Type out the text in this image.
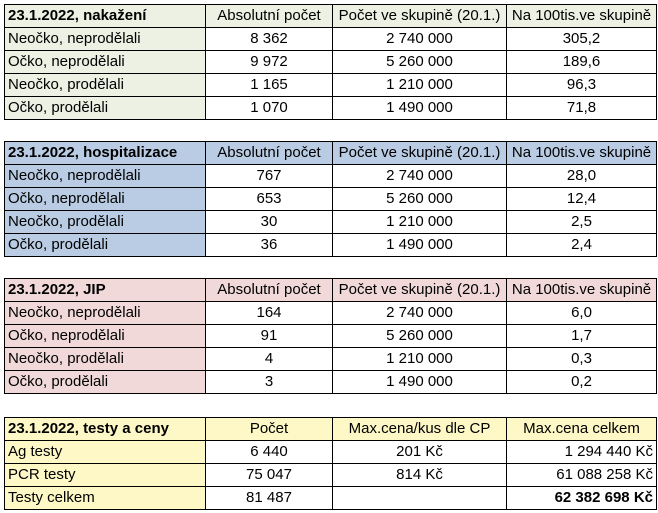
23.1.2022, nakažení	Absolutní počet	Počet ve skupině (20.1.)	Na 100tis.ve skupině
Neočko, neprodělali	8 362	2 740 000	305,2
Očko, neprodělali	9 972	5 260 000	189,6
Neočko, prodělali	1 165	1 210 000	96,3
Očko, prodělali	1 070	1 490 000	71,8
23.1.2022, hospitalizace	Absolutní počet	Počet ve skupině (20.1.)	Na 100tis.ve skupině
Neočko, neprodělali	767	2 740 000	28,0
Očko, neprodělali	653	5 260 000	12,4
Neočko, prodělali	30	1 210 000	2,5
Očko, prodělali	36	1 490 000	2,4
23.1.2022, JIP	Absolutní počet	Počet ve skupině (20.1.)	Na 100tis.ve skupině
Neočko, neprodělali	164	2 740 000	6,0
Očko, neprodělali	91	5 260 000	1,7
Neočko, prodělali	4	1 210 000	0,3
Očko, prodělali	3	1 490 000	0,2
23.1.2022, testy a ceny	Počet	Max.cena/kus dle CP	Max.cena celkem
Ag testy	6 440	201 Kč	1 294 440 Kč
PCR testy	75 047	814 Kč	61 088 258 Kč
Testy celkem	81 487		62 382 698 Kč
